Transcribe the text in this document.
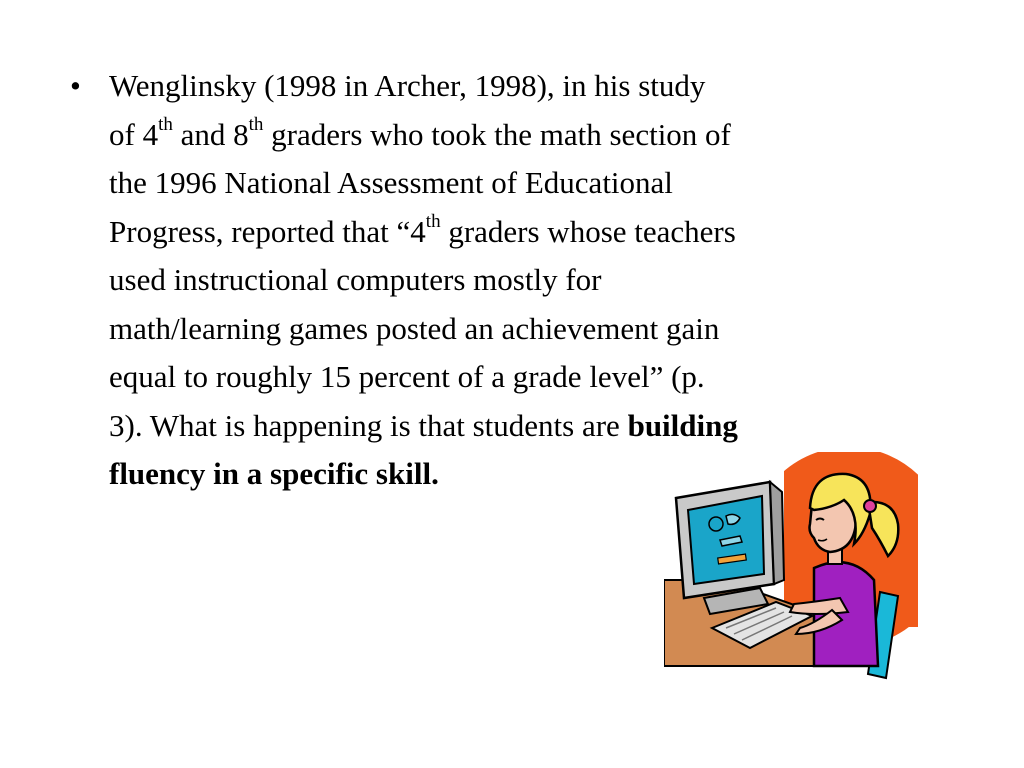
• Wenglinsky (1998 in Archer, 1998), in his study
of 4th and 8th graders who took the math section of
the 1996 National Assessment of Educational
Progress, reported that “4th graders whose teachers
used instructional computers mostly for
math/learning games posted an achievement gain
equal to roughly 15 percent of a grade level” (p.
3). What is happening is that students are building
fluency in a specific skill.
